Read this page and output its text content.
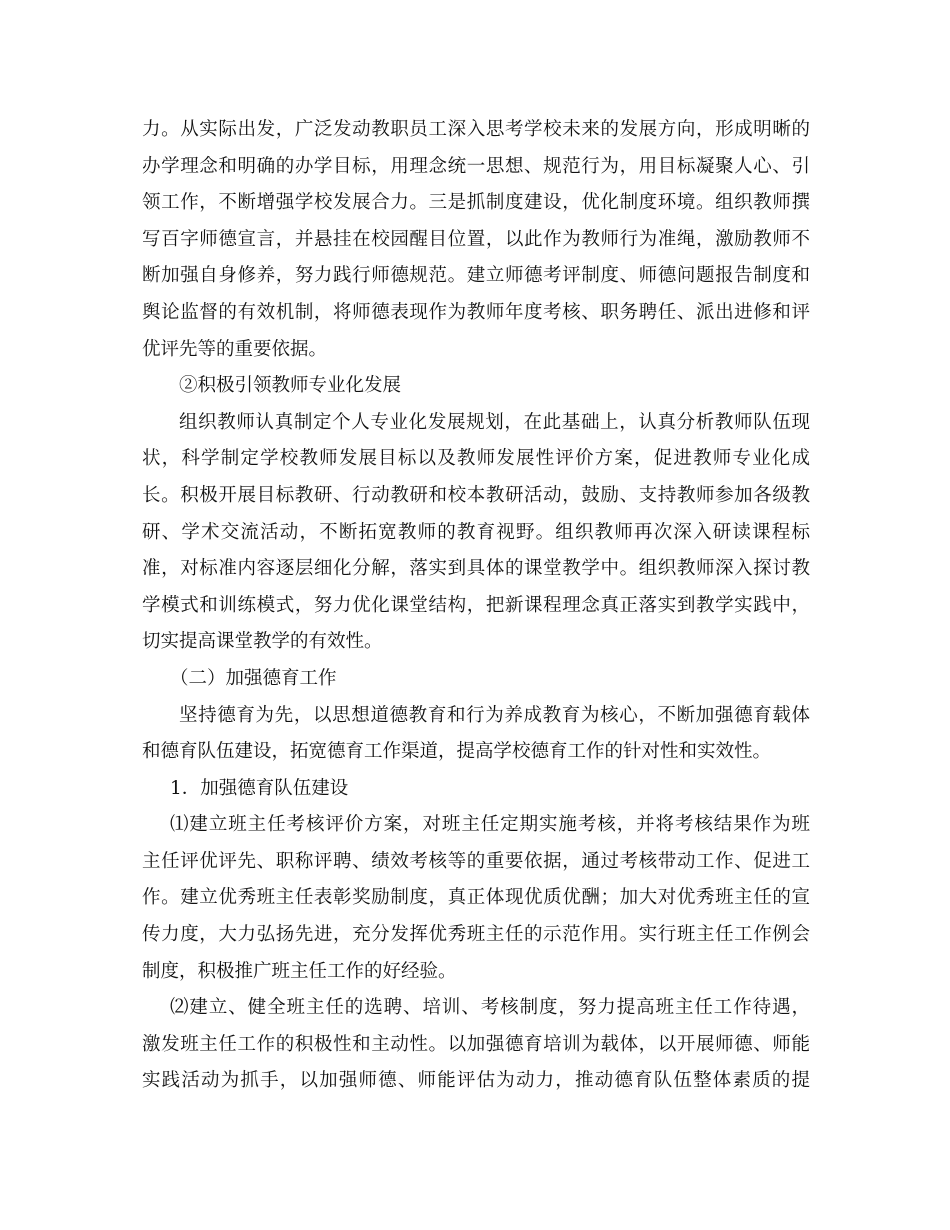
力。从实际出发，广泛发动教职员工深入思考学校未来的发展方向，形成明晰的
办学理念和明确的办学目标，用理念统一思想、规范行为，用目标凝聚人心、引
领工作，不断增强学校发展合力。三是抓制度建设，优化制度环境。组织教师撰
写百字师德宣言，并悬挂在校园醒目位置，以此作为教师行为准绳，激励教师不
断加强自身修养，努力践行师德规范。建立师德考评制度、师德问题报告制度和
舆论监督的有效机制，将师德表现作为教师年度考核、职务聘任、派出进修和评
优评先等的重要依据。
②积极引领教师专业化发展
组织教师认真制定个人专业化发展规划，在此基础上，认真分析教师队伍现
状，科学制定学校教师发展目标以及教师发展性评价方案，促进教师专业化成
长。积极开展目标教研、行动教研和校本教研活动，鼓励、支持教师参加各级教
研、学术交流活动，不断拓宽教师的教育视野。组织教师再次深入研读课程标
准，对标准内容逐层细化分解，落实到具体的课堂教学中。组织教师深入探讨教
学模式和训练模式，努力优化课堂结构，把新课程理念真正落实到教学实践中，
切实提高课堂教学的有效性。
（二）加强德育工作
坚持德育为先，以思想道德教育和行为养成教育为核心，不断加强德育载体
和德育队伍建设，拓宽德育工作渠道，提高学校德育工作的针对性和实效性。
1．加强德育队伍建设
⑴建立班主任考核评价方案，对班主任定期实施考核，并将考核结果作为班
主任评优评先、职称评聘、绩效考核等的重要依据，通过考核带动工作、促进工
作。建立优秀班主任表彰奖励制度，真正体现优质优酬；加大对优秀班主任的宣
传力度，大力弘扬先进，充分发挥优秀班主任的示范作用。实行班主任工作例会
制度，积极推广班主任工作的好经验。
⑵建立、健全班主任的选聘、培训、考核制度，努力提高班主任工作待遇，
激发班主任工作的积极性和主动性。以加强德育培训为载体，以开展师德、师能
实践活动为抓手，以加强师德、师能评估为动力，推动德育队伍整体素质的提
